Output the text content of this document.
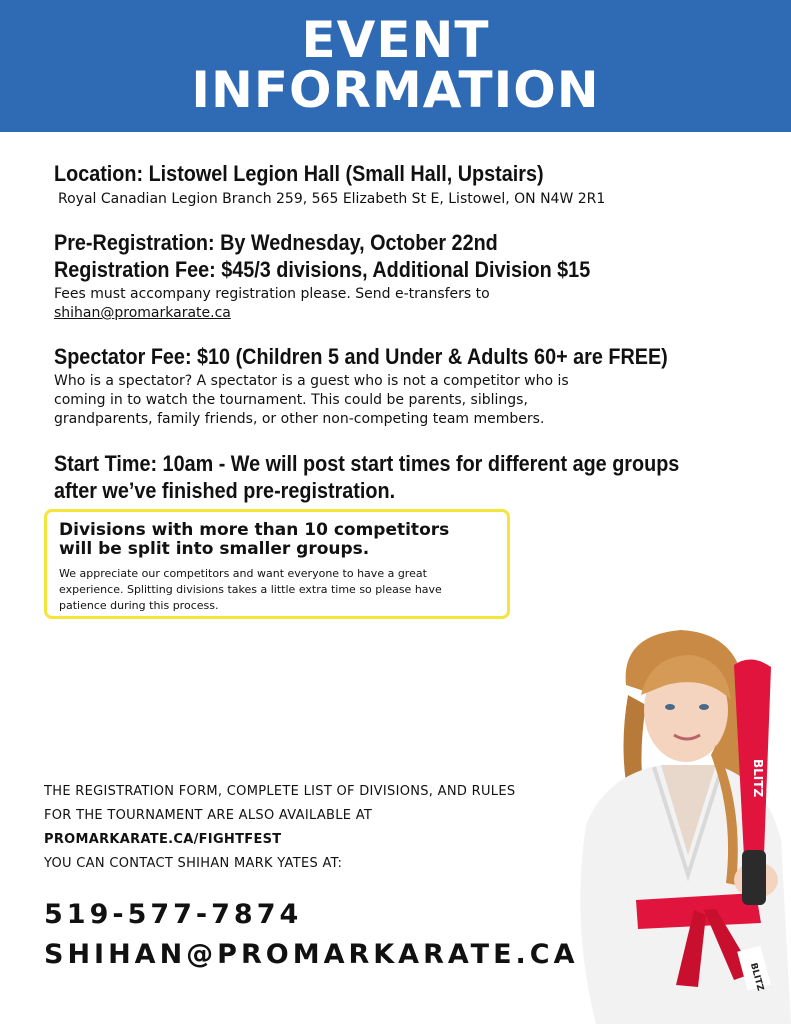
EVENT
INFORMATION
Location: Listowel Legion Hall (Small Hall, Upstairs)
Royal Canadian Legion Branch 259, 565 Elizabeth St E, Listowel, ON N4W 2R1
Pre-Registration: By Wednesday, October 22nd
Registration Fee: $45/3 divisions, Additional Division $15
Fees must accompany registration please. Send e-transfers to
shihan@promarkarate.ca
Spectator Fee: $10 (Children 5 and Under & Adults 60+ are FREE)
Who is a spectator? A spectator is a guest who is not a competitor who is
coming in to watch the tournament. This could be parents, siblings,
grandparents, family friends, or other non-competing team members.
Start Time: 10am - We will post start times for different age groups
after we’ve finished pre-registration.
Divisions with more than 10 competitors
will be split into smaller groups.
We appreciate our competitors and want everyone to have a great
experience. Splitting divisions takes a little extra time so please have
patience during this process.
THE REGISTRATION FORM, COMPLETE LIST OF DIVISIONS, AND RULES
FOR THE TOURNAMENT ARE ALSO AVAILABLE AT
PROMARKARATE.CA/FIGHTFEST
YOU CAN CONTACT SHIHAN MARK YATES AT:
519-577-7874
SHIHAN@PROMARKARATE.CA
BLITZ
BLITZ
